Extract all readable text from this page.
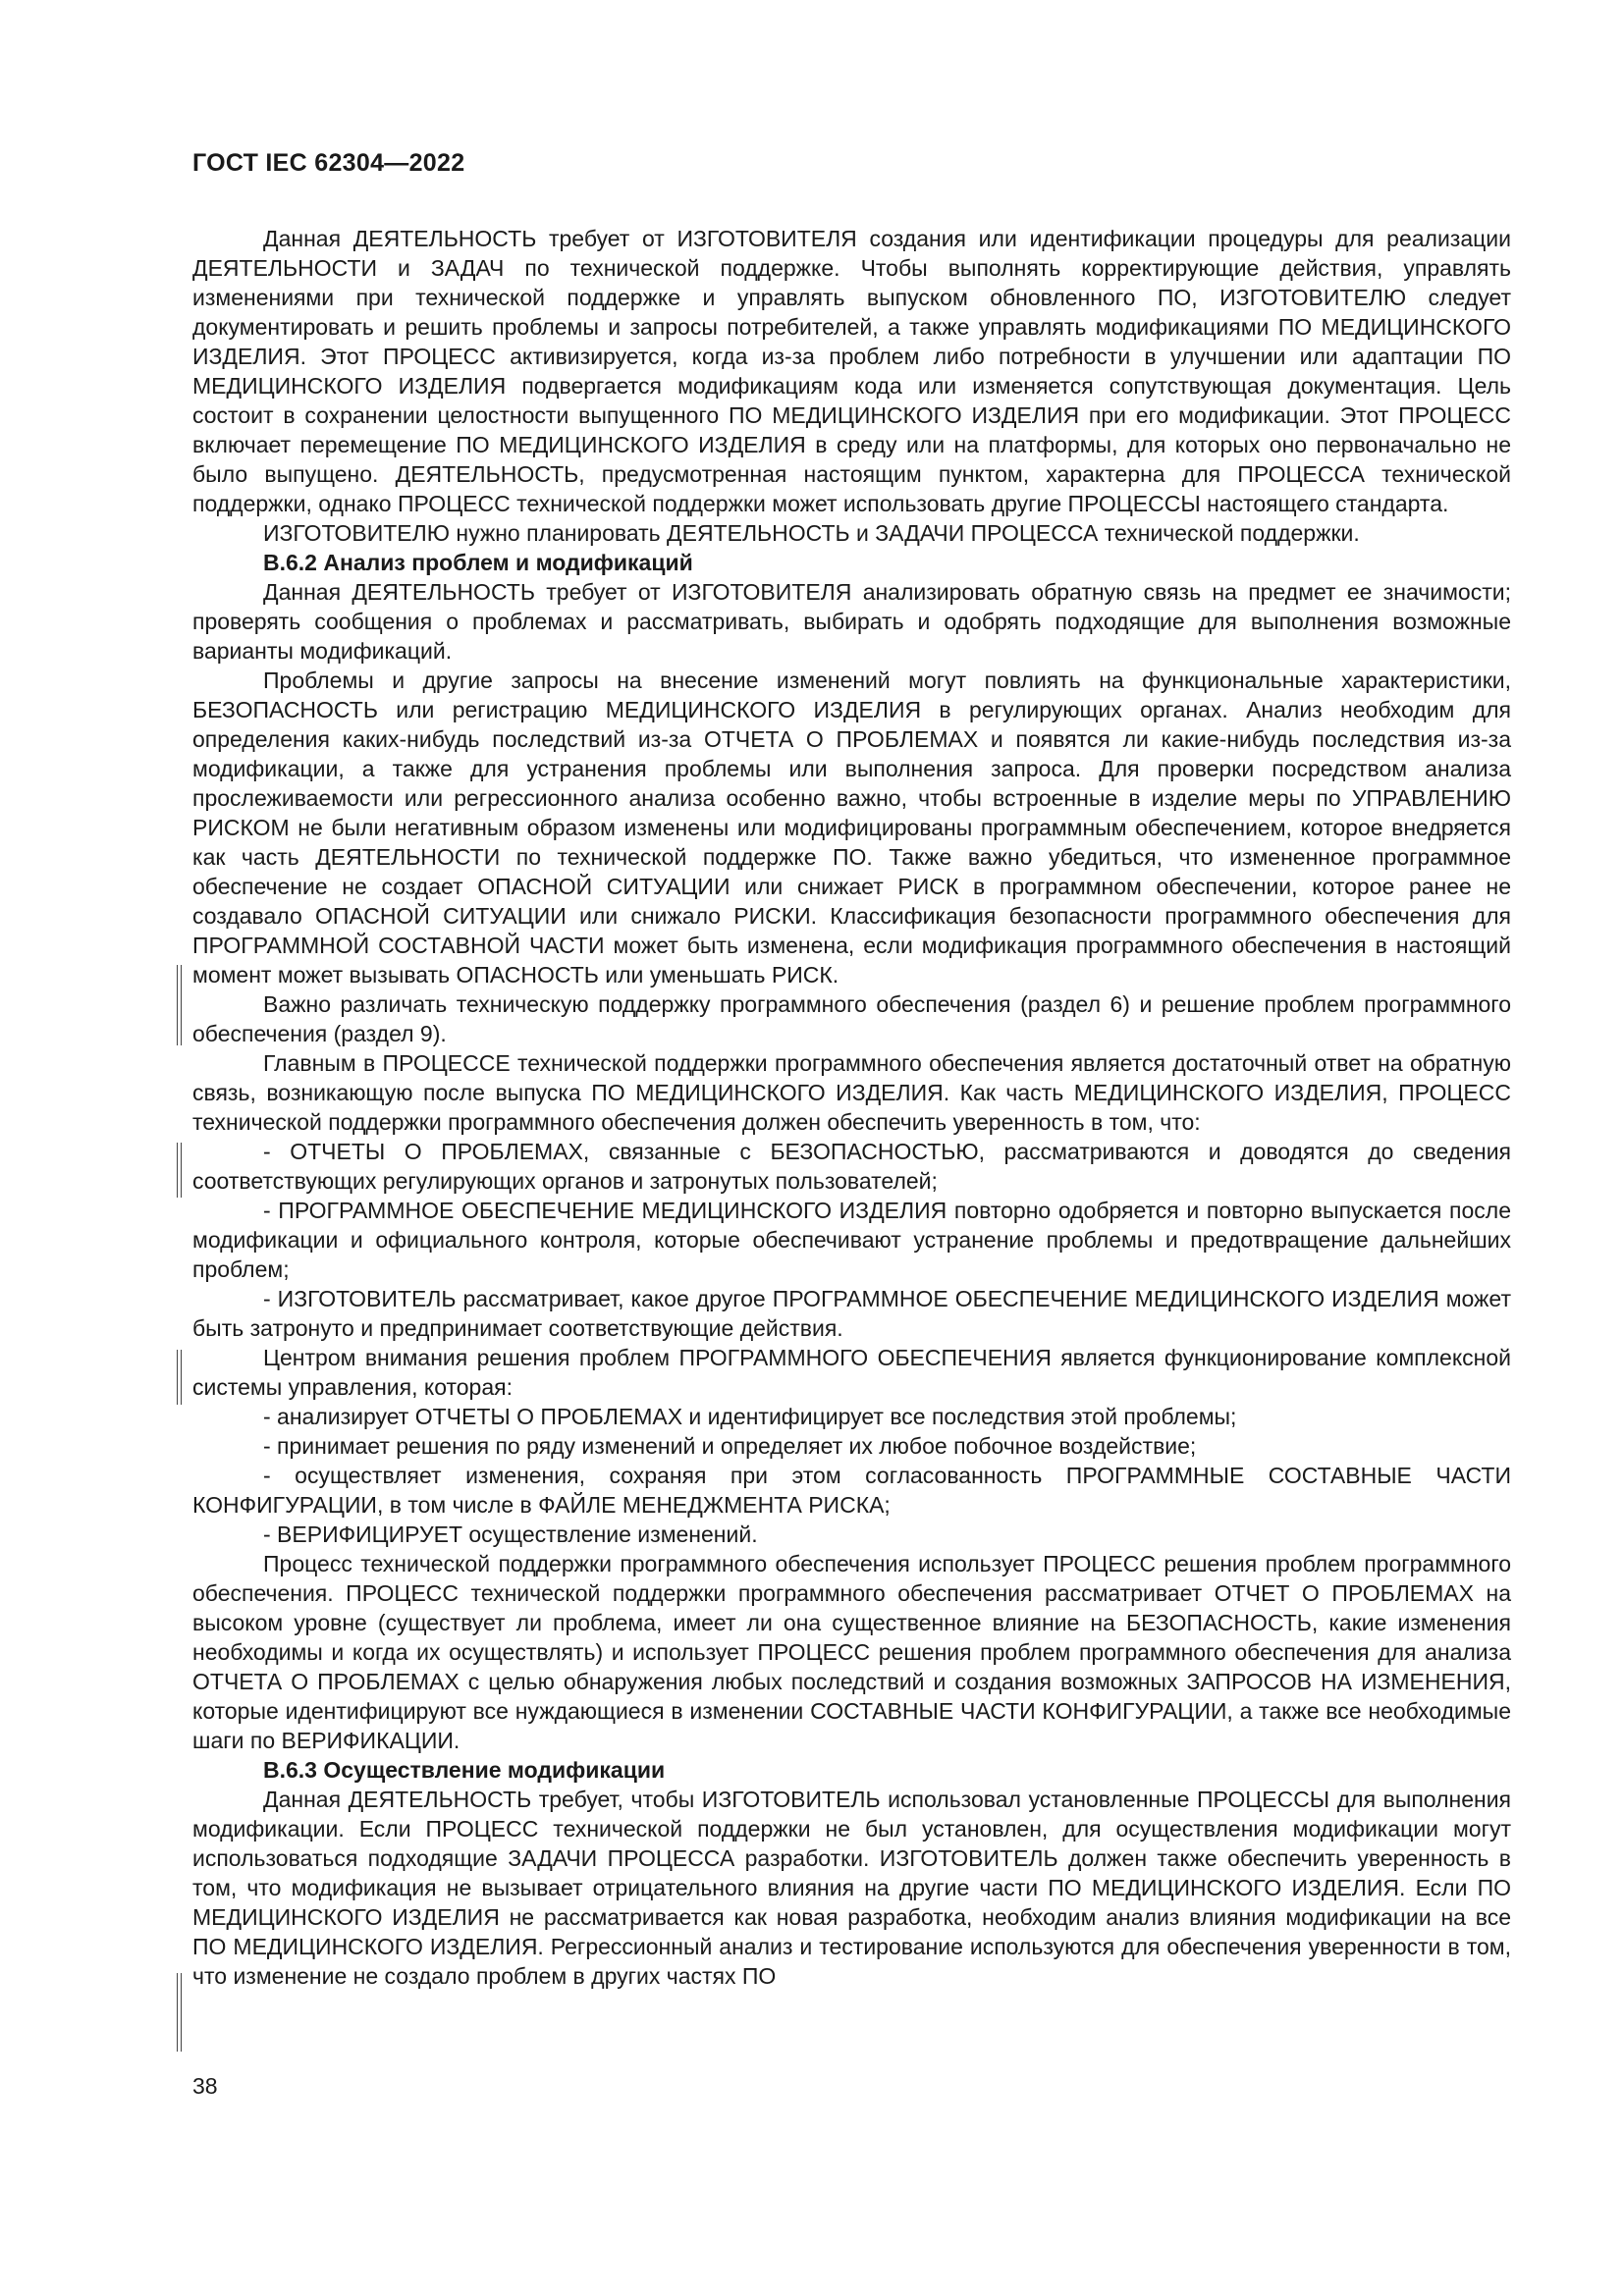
ГОСТ IEC 62304—2022

Данная ДЕЯТЕЛЬНОСТЬ требует от ИЗГОТОВИТЕЛЯ создания или идентификации процедуры для реализации ДЕЯТЕЛЬНОСТИ и ЗАДАЧ по технической поддержке. Чтобы выполнять корректирующие действия, управлять изменениями при технической поддержке и управлять выпуском обновленного ПО, ИЗГОТОВИТЕЛЮ следует документировать и решить проблемы и запросы потребителей, а также управлять модификациями ПО МЕДИЦИНСКОГО ИЗДЕЛИЯ. Этот ПРОЦЕСС активизируется, когда из-за проблем либо потребности в улучшении или адаптации ПО МЕДИЦИНСКОГО ИЗДЕЛИЯ подвергается модификациям кода или изменяется сопутствующая документация. Цель состоит в сохранении целостности выпущенного ПО МЕДИЦИНСКОГО ИЗДЕЛИЯ при его модификации. Этот ПРОЦЕСС включает перемещение ПО МЕДИЦИНСКОГО ИЗДЕЛИЯ в среду или на платформы, для которых оно первоначально не было выпущено. ДЕЯТЕЛЬНОСТЬ, предусмотренная настоящим пунктом, характерна для ПРОЦЕССА технической поддержки, однако ПРОЦЕСС технической поддержки может использовать другие ПРОЦЕССЫ настоящего стандарта.

ИЗГОТОВИТЕЛЮ нужно планировать ДЕЯТЕЛЬНОСТЬ и ЗАДАЧИ ПРОЦЕССА технической поддержки.

В.6.2 Анализ проблем и модификаций

Данная ДЕЯТЕЛЬНОСТЬ требует от ИЗГОТОВИТЕЛЯ анализировать обратную связь на предмет ее значимости; проверять сообщения о проблемах и рассматривать, выбирать и одобрять подходящие для выполнения возможные варианты модификаций.

Проблемы и другие запросы на внесение изменений могут повлиять на функциональные характеристики, БЕЗОПАСНОСТЬ или регистрацию МЕДИЦИНСКОГО ИЗДЕЛИЯ в регулирующих органах. Анализ необходим для определения каких-нибудь последствий из-за ОТЧЕТА О ПРОБЛЕМАХ и появятся ли какие-нибудь последствия из-за модификации, а также для устранения проблемы или выполнения запроса. Для проверки посредством анализа прослеживаемости или регрессионного анализа особенно важно, чтобы встроенные в изделие меры по УПРАВЛЕНИЮ РИСКОМ не были негативным образом изменены или модифицированы программным обеспечением, которое внедряется как часть ДЕЯТЕЛЬНОСТИ по технической поддержке ПО. Также важно убедиться, что измененное программное обеспечение не создает ОПАСНОЙ СИТУАЦИИ или снижает РИСК в программном обеспечении, которое ранее не создавало ОПАСНОЙ СИТУАЦИИ или снижало РИСКИ. Классификация безопасности программного обеспечения для ПРОГРАММНОЙ СОСТАВНОЙ ЧАСТИ может быть изменена, если модификация программного обеспечения в настоящий момент может вызывать ОПАСНОСТЬ или уменьшать РИСК.

Важно различать техническую поддержку программного обеспечения (раздел 6) и решение проблем программного обеспечения (раздел 9).

Главным в ПРОЦЕССЕ технической поддержки программного обеспечения является достаточный ответ на обратную связь, возникающую после выпуска ПО МЕДИЦИНСКОГО ИЗДЕЛИЯ. Как часть МЕДИЦИНСКОГО ИЗДЕЛИЯ, ПРОЦЕСС технической поддержки программного обеспечения должен обеспечить уверенность в том, что:

- ОТЧЕТЫ О ПРОБЛЕМАХ, связанные с БЕЗОПАСНОСТЬЮ, рассматриваются и доводятся до сведения соответствующих регулирующих органов и затронутых пользователей;

- ПРОГРАММНОЕ ОБЕСПЕЧЕНИЕ МЕДИЦИНСКОГО ИЗДЕЛИЯ повторно одобряется и повторно выпускается после модификации и официального контроля, которые обеспечивают устранение проблемы и предотвращение дальнейших проблем;

- ИЗГОТОВИТЕЛЬ рассматривает, какое другое ПРОГРАММНОЕ ОБЕСПЕЧЕНИЕ МЕДИЦИНСКОГО ИЗДЕЛИЯ может быть затронуто и предпринимает соответствующие действия.

Центром внимания решения проблем ПРОГРАММНОГО ОБЕСПЕЧЕНИЯ является функционирование комплексной системы управления, которая:

- анализирует ОТЧЕТЫ О ПРОБЛЕМАХ и идентифицирует все последствия этой проблемы;

- принимает решения по ряду изменений и определяет их любое побочное воздействие;

- осуществляет изменения, сохраняя при этом согласованность ПРОГРАММНЫЕ СОСТАВНЫЕ ЧАСТИ КОНФИГУРАЦИИ, в том числе в ФАЙЛЕ МЕНЕДЖМЕНТА РИСКА;

- ВЕРИФИЦИРУЕТ осуществление изменений.

Процесс технической поддержки программного обеспечения использует ПРОЦЕСС решения проблем программного обеспечения. ПРОЦЕСС технической поддержки программного обеспечения рассматривает ОТЧЕТ О ПРОБЛЕМАХ на высоком уровне (существует ли проблема, имеет ли она существенное влияние на БЕЗОПАСНОСТЬ, какие изменения необходимы и когда их осуществлять) и использует ПРОЦЕСС решения проблем программного обеспечения для анализа ОТЧЕТА О ПРОБЛЕМАХ с целью обнаружения любых последствий и создания возможных ЗАПРОСОВ НА ИЗМЕНЕНИЯ, которые идентифицируют все нуждающиеся в изменении СОСТАВНЫЕ ЧАСТИ КОНФИГУРАЦИИ, а также все необходимые шаги по ВЕРИФИКАЦИИ.

В.6.3 Осуществление модификации

Данная ДЕЯТЕЛЬНОСТЬ требует, чтобы ИЗГОТОВИТЕЛЬ использовал установленные ПРОЦЕССЫ для выполнения модификации. Если ПРОЦЕСС технической поддержки не был установлен, для осуществления модификации могут использоваться подходящие ЗАДАЧИ ПРОЦЕССА разработки. ИЗГОТОВИТЕЛЬ должен также обеспечить уверенность в том, что модификация не вызывает отрицательного влияния на другие части ПО МЕДИЦИНСКОГО ИЗДЕЛИЯ. Если ПО МЕДИЦИНСКОГО ИЗДЕЛИЯ не рассматривается как новая разработка, необходим анализ влияния модификации на все ПО МЕДИЦИНСКОГО ИЗДЕЛИЯ. Регрессионный анализ и тестирование используются для обеспечения уверенности в том, что изменение не создало проблем в других частях ПО

38
